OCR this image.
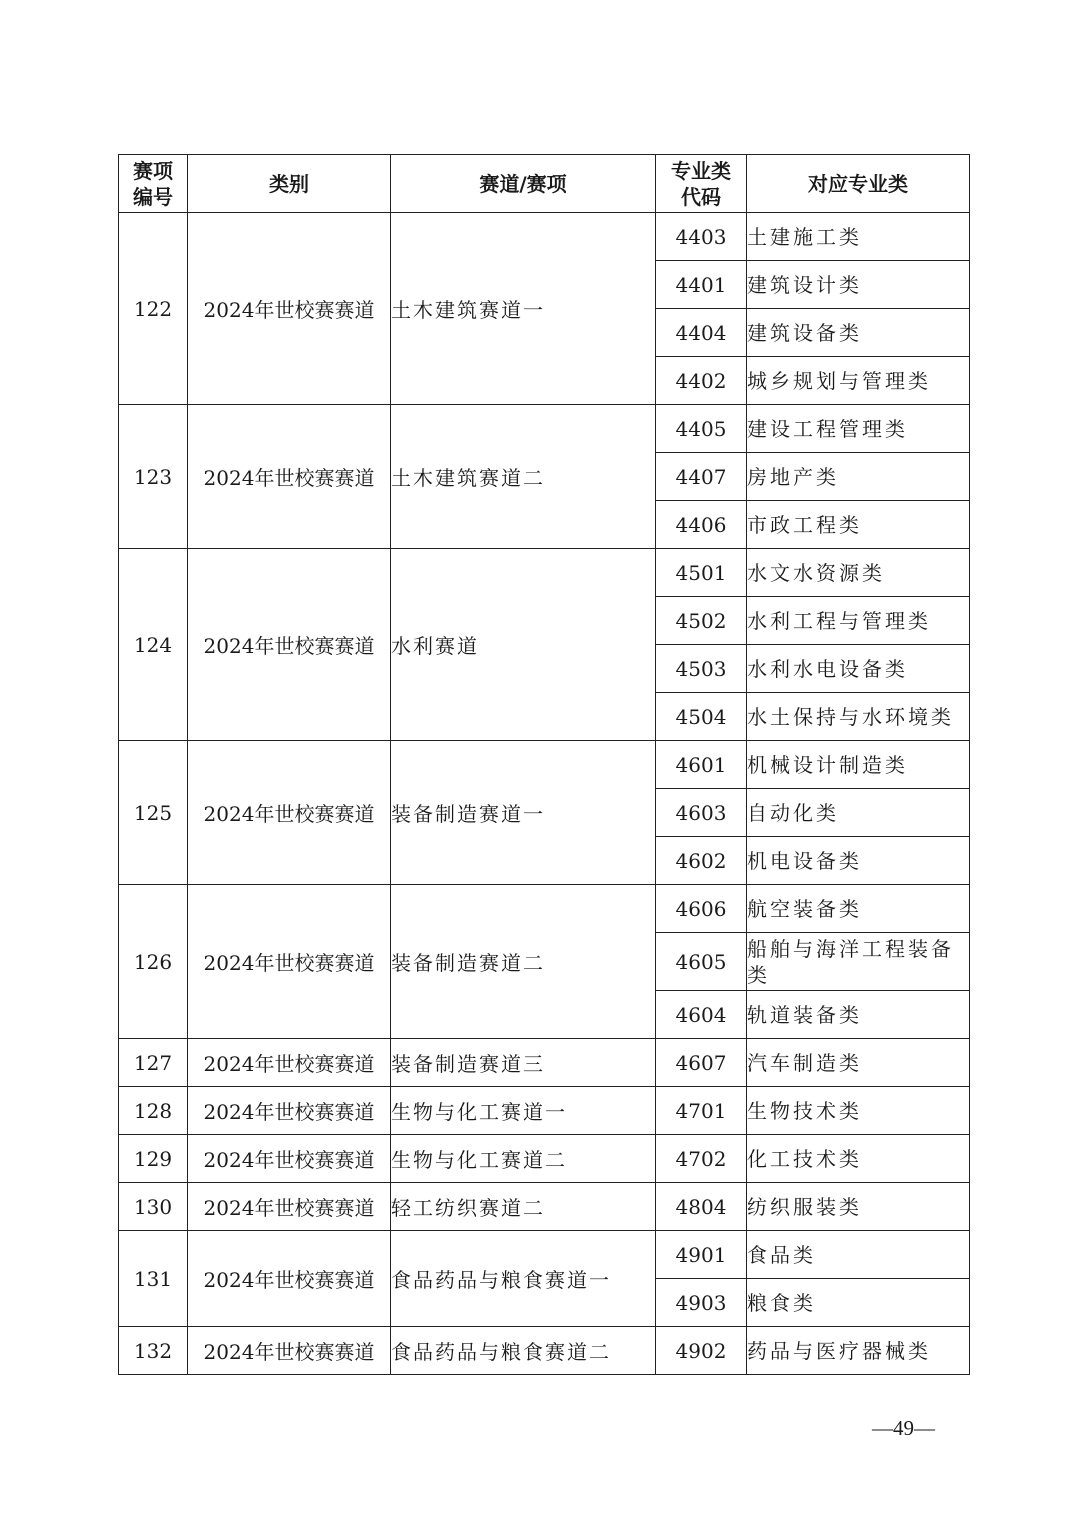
赛项编号	类别	赛道/赛项	专业类代码	对应专业类
122	2024年世校赛赛道	土木建筑赛道一	4403	土建施工类
			4401	建筑设计类
			4404	建筑设备类
			4402	城乡规划与管理类
123	2024年世校赛赛道	土木建筑赛道二	4405	建设工程管理类
			4407	房地产类
			4406	市政工程类
124	2024年世校赛赛道	水利赛道	4501	水文水资源类
			4502	水利工程与管理类
			4503	水利水电设备类
			4504	水土保持与水环境类
125	2024年世校赛赛道	装备制造赛道一	4601	机械设计制造类
			4603	自动化类
			4602	机电设备类
126	2024年世校赛赛道	装备制造赛道二	4606	航空装备类
			4605	船舶与海洋工程装备类
			4604	轨道装备类
127	2024年世校赛赛道	装备制造赛道三	4607	汽车制造类
128	2024年世校赛赛道	生物与化工赛道一	4701	生物技术类
129	2024年世校赛赛道	生物与化工赛道二	4702	化工技术类
130	2024年世校赛赛道	轻工纺织赛道二	4804	纺织服装类
131	2024年世校赛赛道	食品药品与粮食赛道一	4901	食品类
			4903	粮食类
132	2024年世校赛赛道	食品药品与粮食赛道二	4902	药品与医疗器械类
—49—
